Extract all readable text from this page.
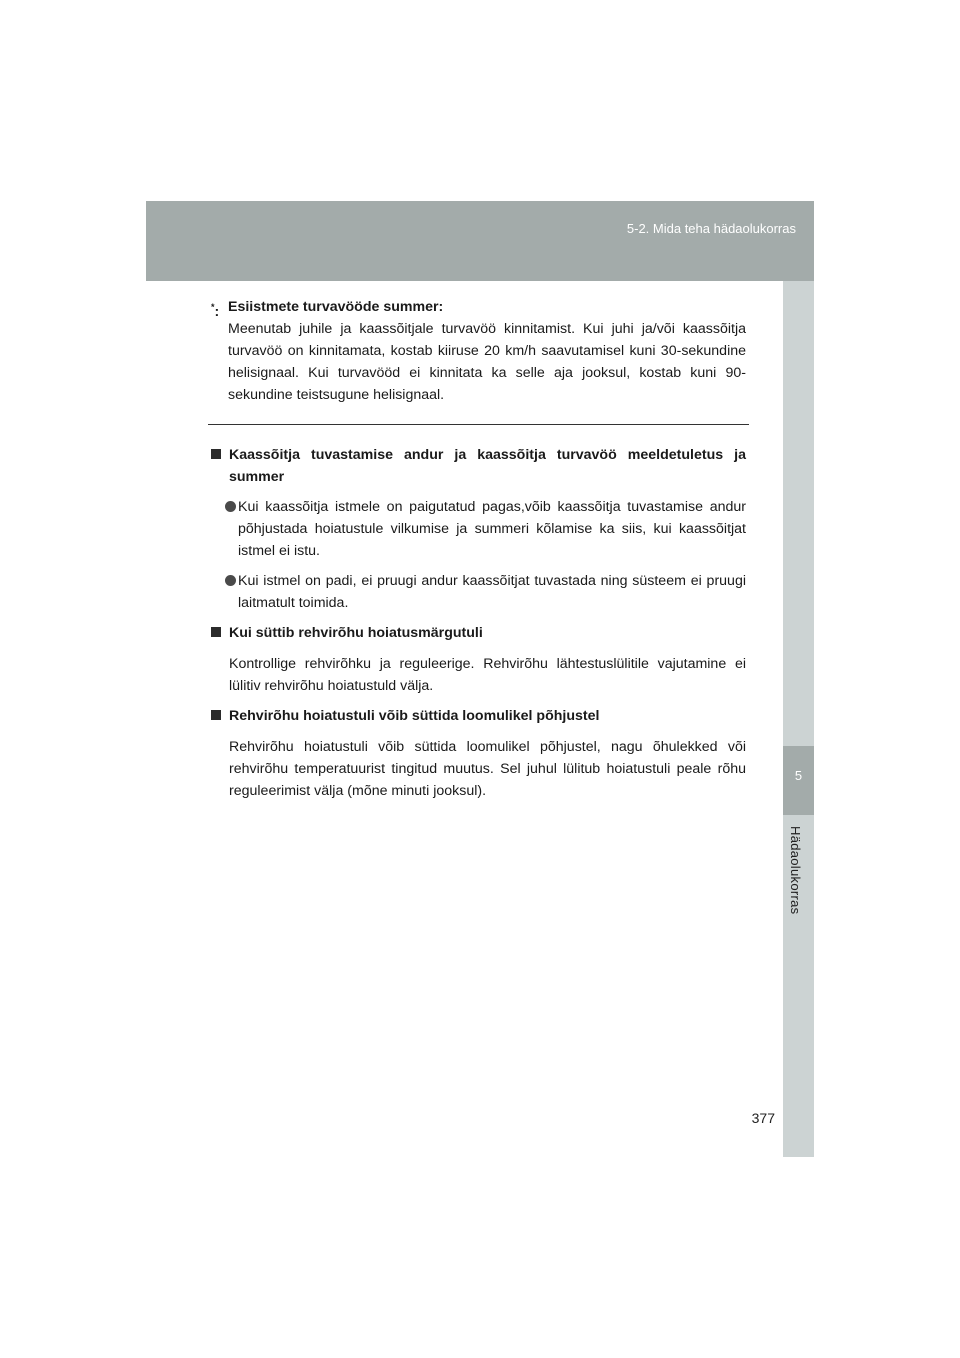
5-2. Mida teha hädaolukorras
5
Hädaolukorras
*: Esiistmete turvavööde summer:
Meenutab juhile ja kaassõitjale turvavöö kinnitamist. Kui juhi ja/või kaassõitja turvavöö on kinnitamata, kostab kiiruse 20 km/h saavutamisel kuni 30-sekundine helisignaal. Kui turvavööd ei kinnitata ka selle aja jooksul, kostab kuni 90-sekundine teistsugune helisignaal.
Kaassõitja tuvastamise andur ja kaassõitja turvavöö meeldetuletus ja summer
Kui kaassõitja istmele on paigutatud pagas,võib kaassõitja tuvastamise andur põhjustada hoiatustule vilkumise ja summeri kõlamise ka siis, kui kaassõitjat istmel ei istu.
Kui istmel on padi, ei pruugi andur kaassõitjat tuvastada ning süsteem ei pruugi laitmatult toimida.
Kui süttib rehvirõhu hoiatusmärgutuli
Kontrollige rehvirõhku ja reguleerige. Rehvirõhu lähtestuslülitile vajutamine ei lülitiv rehvirõhu hoiatustuld välja.
Rehvirõhu hoiatustuli võib süttida loomulikel põhjustel
Rehvirõhu hoiatustuli võib süttida loomulikel põhjustel, nagu õhulekked või rehvirõhu temperatuurist tingitud muutus. Sel juhul lülitub hoiatustuli peale rõhu reguleerimist välja (mõne minuti jooksul).
377
